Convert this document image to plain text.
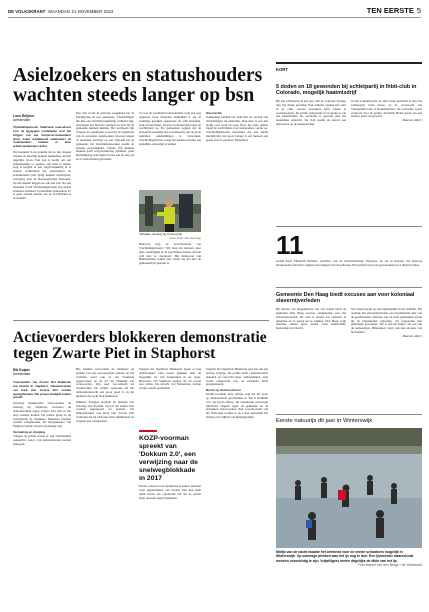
DE VOLKSKRANT MAANDAG 21 NOVEMBER 2022	TEN EERSTE 5
Asielzoekers en statushouders wachten steeds langer op bsn
Loes Reijmer
Amsterdam
Vluchtelingenwerk Nederland waarschuwt voor de opgepopte wachttijden voor het krijgen van een burgerservicenummer (bsn). Zeker achtduizend asielzoekers en statushouders kunnen er door achterstanden niet verder.
Dat betekent in de praktijk dat ze niet mogen werken en moeilijk kunnen deelnemen aan het dagelijks leven. Een bsn is nodig om een bankrekening te openen, een huis te huren, zorg te krijgen of een zorgverzekering af te sluiten. Gemeenten die asielzoekers en statushouders niet tijdig kunnen inschrijven, verwijzen naar de Basisregistratie Personen. Op die manier krijgen ze ook een bsn. Na een maanden wordt Vluchtelingenwerk nog steeds verkeerd benaderd in tientallen gemeenten. Er is geen actuele manier om de wachttijden te versnellen.
Een bsn wordt in principe toegekend bij de inschrijving in een gemeente. Vluchtelingen die met een verblijfsvergunning verhuisd zijn, ontvangen pas hun bsn wanneer ze zich bij de gemeente kunnen melden. Het probleem ligt volgens de organisatie vooral bij de registratie van de personen. Asielzoekers moeten weken of maanden wachten op een afspraak bij de gemeente. De beleidsmedewerker noemt de situatie zorgwekkend. Zonder bsn kunnen mensen geen zorgverzekering afsluiten, geen kinderbijslag aanvragen en niet aan de slag als ze al werk hebben gevonden.
Tijdelijke opvang bij cruiseschip
Foto Jorie van Gennep
Zo was de wachttijd in Amsterdam vorig jaar nog ongeveer twee maanden. Inmiddels is dat in sommige gevallen opgelopen tot acht maanden. Ook in Den Haag, Utrecht en Rotterdam lopen de wachttijden op. De gemeenten zeggen dat de personele bezetting niet toereikend is om de grote aantallen aanmeldingen te verwerken. Vluchtelingenwerk vraagt het kabinet om met een landelijke oplossing te komen.
Hierover zegt de woordvoerder van Vluchtelingenwerk: 'Wij zien dat mensen door deze wachttijden in de problemen komen, dit kan echt niet zo doorgaan.' Het ministerie van Binnenlandse Zaken laat weten dat het met de gemeenten in gesprek is.
Oververhit
Gemeenten hebben het druk met de opvang van vluchtelingen uit Oekraïne. Ook daar is een bsn nodig voor werk en zorg. Door die extra drukte lopen de wachttijden voor asielzoekers verder op. Vluchtelingenwerk benadrukt dat een snelle inschrijving van groot belang is om mensen een goede start te geven in Nederland.
Actievoerders blokkeren demonstratie tegen Zwarte Piet in Staphorst
Rik Kuiper
Amsterdam
Voorstanders van Zwarte Piet blokkeren een intocht in Staphorst. Demonstranten van Kick Out Zwarte Piet werden tegengehouden. Het protest eindigde zonder geweld.
Zaterdag blokkeerden actievoerders de snelweg bij Staphorst, waardoor de demonstranten tegen Zwarte Piet niet in het dorp konden komen. De politie greep in en verwijderde de blokkade. Meerdere mensen werden aangehouden. De burgemeester van Staphorst sprak van een verdrietige dag.
Vernieling en dreiging
Volgens de politie waren er ook vernielingen aangericht. Auto's van demonstranten werden bekogeld.
Het kabinet veroordeelt de blokkade en spreekt van een onacceptabele situatie. In het verleden werd ook al een blokkade opgeworpen op de A7 bij Dokkum. De actievoerders zijn toen veroordeeld tot werkstraffen. De rechter oordeelde dat het demonstratierecht een groot goed is en dat niemand dat recht mag blokkeren.
Minister Yesilgöz noemde de beelden van zaterdag zeer kwalijk. Zij wil dat daders snel worden opgespoord en gestraft. De demonstranten van Kick Out Zwarte Piet verklaren dat zij zich niet laten intimideren en volgend jaar terugkomen.
Volgens het Openbaar Ministerie lopen er nog onderzoeken. Ook wordt gekeken naar de mogelijke rol van bestuurders in de regio. Bewoners van Staphorst zeggen dat zij vooral rust willen. De intocht van Sinterklaas verliep verder zonder problemen.
KOZP-voorman spreekt van 'Dokkum 2.0', een verwijzing naar de snelwegblokkade in 2017
Eerder waren er ook incidenten in andere plaatsen waar tegenstanders van Zwarte Piet hun stem lieten horen. De organisatie wil dat de politie beter optreedt tegen blokkades.
Volgens het Openbaar Ministerie gaat het om een ernstig vergrijp. De politie heeft camerabeelden bekeken en verwacht meer aanhoudingen. Ook wordt onderzocht wie de blokkade heeft georganiseerd.
Recht op demonstreren
KOZP-voorman Jerry Afriyie zegt dat het recht op demonstreren geschonden is. 'Dit is Dokkum 2.0,' zei hij na afloop. De organisatie overweegt juridische stappen tegen de gemeente en de betrokken actievoerders. Een woordvoerder van het Nationaal Comité 4 en 5 mei benadrukt het belang van vrijheid van meningsuiting.
KORT
5 doden en 18 gewonden bij schietpartij in lhbti-club in Colorado, mogelijk haatmisdrijf
Bij een schietpartij in een gay club in Colorado Springs zijn vijf doden gevallen. Een schutter opende het vuur in de club, waarna bezoekers hem wisten te overmeesteren. De politie onderzoekt of er sprake is van een haatmisdrijf. De verdachte is gewond naar het ziekenhuis gebracht. De club noemt de aanval een haataanval op de gemeenschap.
In een verklaring liet de club weten geschokt te zijn. De schietpartij vond plaats op de vooravond van Transgender Day of Remembrance. De verdachte wordt verhoord door de politie. President Biden sprak van een zinloze daad van geweld.
Maarten Albers
11
JAAR heeft Elizabeth Holmes, oprichter van de bloedtestbedrijf Theranos, de cel in moeten. Zij bedroog investeerders met haar onjuiste beweringen over bloedtesten. Het bedrijf werd ooit gewaardeerd op 9 miljard dollar.
Gemeente Den Haag biedt excuses aan voor koloniaal slavernijverleden
Bij monde van burgemeester Jan van Zanen heeft de gemeente Den Haag excuses aangeboden voor het slavernijverleden. De stad is bereid dat verleden te erkennen en er lessen uit te trekken. Den Haag volgt daarmee andere grote steden zoals Amsterdam, Rotterdam en Utrecht.
Van Zanen sprak op een bijeenkomst in het stadhuis. Hij noemde het slavernijverleden een beschamend deel van de geschiedenis. Nazaten van tot slaaf gemaakten waren bij de bijeenkomst aanwezig. Zij reageerden met gemengde gevoelens. 'Dit is pas het begin,' zei een van de aanwezigen. Binnenkort volgt ook een excuses van het kabinet.
Maarten Albers
Eerste natuurijs dit jaar in Winterswijk
Mafijs van de nacht maakte het weekend voor de eerste schaatsers mogelijk in Winterswijk. Op sommige plekken was het ijs nog te dun. Een ijsmeester waarschuwt mensen voorzichtig te zijn. Vrijwilligers meten dagelijks de dikte van het ijs.
Foto Marcel van den Bergh / de Volkskrant
